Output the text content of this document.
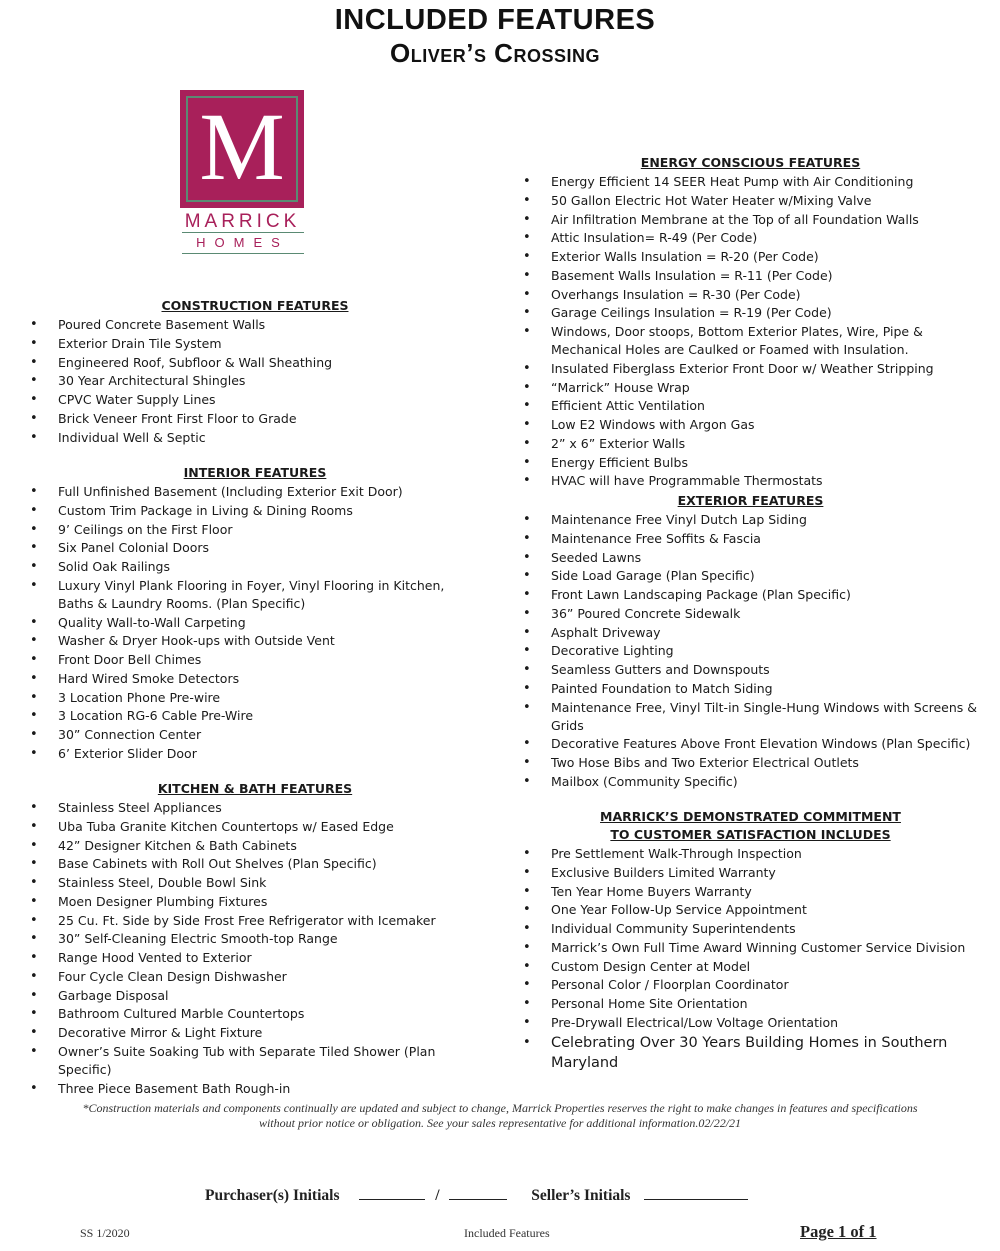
INCLUDED FEATURES
Oliver’s Crossing
M
MARRICK
HOMES
CONSTRUCTION FEATURES
• Poured Concrete Basement Walls
• Exterior Drain Tile System
• Engineered Roof, Subfloor & Wall Sheathing
• 30 Year Architectural Shingles
• CPVC Water Supply Lines
• Brick Veneer Front First Floor to Grade
• Individual Well & Septic
INTERIOR FEATURES
• Full Unfinished Basement (Including Exterior Exit Door)
• Custom Trim Package in Living & Dining Rooms
• 9’ Ceilings on the First Floor
• Six Panel Colonial Doors
• Solid Oak Railings
• Luxury Vinyl Plank Flooring in Foyer, Vinyl Flooring in Kitchen, Baths & Laundry Rooms. (Plan Specific)
• Quality Wall-to-Wall Carpeting
• Washer & Dryer Hook-ups with Outside Vent
• Front Door Bell Chimes
• Hard Wired Smoke Detectors
• 3 Location Phone Pre-wire
• 3 Location RG-6 Cable Pre-Wire
• 30” Connection Center
• 6’ Exterior Slider Door
KITCHEN & BATH FEATURES
• Stainless Steel Appliances
• Uba Tuba Granite Kitchen Countertops w/ Eased Edge
• 42” Designer Kitchen & Bath Cabinets
• Base Cabinets with Roll Out Shelves (Plan Specific)
• Stainless Steel, Double Bowl Sink
• Moen Designer Plumbing Fixtures
• 25 Cu. Ft. Side by Side Frost Free Refrigerator with Icemaker
• 30” Self-Cleaning Electric Smooth-top Range
• Range Hood Vented to Exterior
• Four Cycle Clean Design Dishwasher
• Garbage Disposal
• Bathroom Cultured Marble Countertops
• Decorative Mirror & Light Fixture
• Owner’s Suite Soaking Tub with Separate Tiled Shower (Plan Specific)
• Three Piece Basement Bath Rough-in
ENERGY CONSCIOUS FEATURES
• Energy Efficient 14 SEER Heat Pump with Air Conditioning
• 50 Gallon Electric Hot Water Heater w/Mixing Valve
• Air Infiltration Membrane at the Top of all Foundation Walls
• Attic Insulation= R-49 (Per Code)
• Exterior Walls Insulation = R-20 (Per Code)
• Basement Walls Insulation = R-11 (Per Code)
• Overhangs Insulation = R-30 (Per Code)
• Garage Ceilings Insulation = R-19 (Per Code)
• Windows, Door stoops, Bottom Exterior Plates, Wire, Pipe & Mechanical Holes are Caulked or Foamed with Insulation.
• Insulated Fiberglass Exterior Front Door w/ Weather Stripping
• “Marrick” House Wrap
• Efficient Attic Ventilation
• Low E2 Windows with Argon Gas
• 2” x 6” Exterior Walls
• Energy Efficient Bulbs
• HVAC will have Programmable Thermostats
EXTERIOR FEATURES
• Maintenance Free Vinyl Dutch Lap Siding
• Maintenance Free Soffits & Fascia
• Seeded Lawns
• Side Load Garage (Plan Specific)
• Front Lawn Landscaping Package (Plan Specific)
• 36” Poured Concrete Sidewalk
• Asphalt Driveway
• Decorative Lighting
• Seamless Gutters and Downspouts
• Painted Foundation to Match Siding
• Maintenance Free, Vinyl Tilt-in Single-Hung Windows with Screens & Grids
• Decorative Features Above Front Elevation Windows (Plan Specific)
• Two Hose Bibs and Two Exterior Electrical Outlets
• Mailbox (Community Specific)
MARRICK’S DEMONSTRATED COMMITMENT
TO CUSTOMER SATISFACTION INCLUDES
• Pre Settlement Walk-Through Inspection
• Exclusive Builders Limited Warranty
• Ten Year Home Buyers Warranty
• One Year Follow-Up Service Appointment
• Individual Community Superintendents
• Marrick’s Own Full Time Award Winning Customer Service Division
• Custom Design Center at Model
• Personal Color / Floorplan Coordinator
• Personal Home Site Orientation
• Pre-Drywall Electrical/Low Voltage Orientation
• Celebrating Over 30 Years Building Homes in Southern Maryland
*Construction materials and components continually are updated and subject to change, Marrick Properties reserves the right to make changes in features and specifications without prior notice or obligation. See your sales representative for additional information.02/22/21
Purchaser(s) Initials	/	Seller’s Initials
SS 1/2020	Included Features	Page 1 of 1
